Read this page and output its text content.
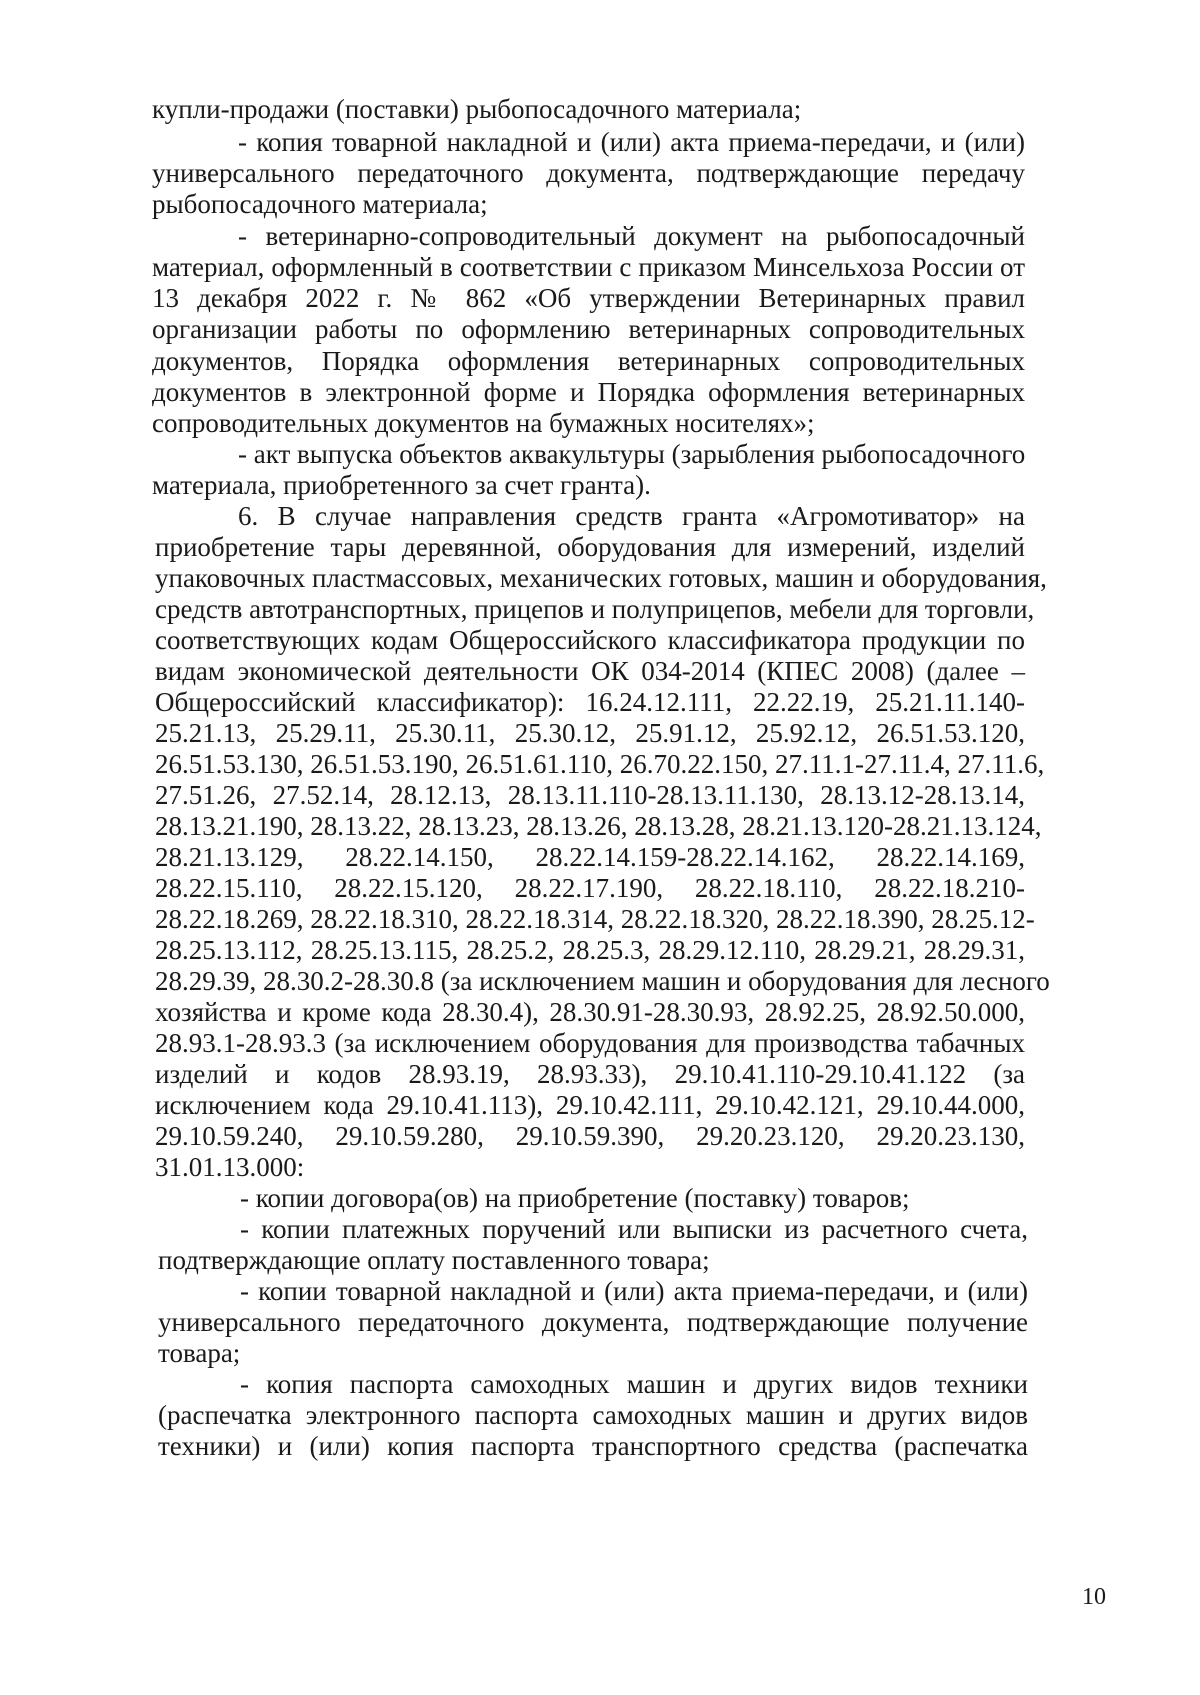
купли-продажи (поставки) рыбопосадочного материала;
- копия товарной накладной и (или) акта приема-передачи, и (или)
универсального передаточного документа, подтверждающие передачу
рыбопосадочного материала;
- ветеринарно-сопроводительный документ на рыбопосадочный
материал, оформленный в соответствии с приказом Минсельхоза России от
13 декабря 2022 г. № 862 «Об утверждении Ветеринарных правил
организации работы по оформлению ветеринарных сопроводительных
документов, Порядка оформления ветеринарных сопроводительных
документов в электронной форме и Порядка оформления ветеринарных
сопроводительных документов на бумажных носителях»;
- акт выпуска объектов аквакультуры (зарыбления рыбопосадочного
материала, приобретенного за счет гранта).
6. В случае направления средств гранта «Агромотиватор» на
приобретение тары деревянной, оборудования для измерений, изделий
упаковочных пластмассовых, механических готовых, машин и оборудования,
средств автотранспортных, прицепов и полуприцепов, мебели для торговли,
соответствующих кодам Общероссийского классификатора продукции по
видам экономической деятельности ОК 034-2014 (КПЕС 2008) (далее –
Общероссийский классификатор): 16.24.12.111, 22.22.19, 25.21.11.140-
25.21.13, 25.29.11, 25.30.11, 25.30.12, 25.91.12, 25.92.12, 26.51.53.120,
26.51.53.130, 26.51.53.190, 26.51.61.110, 26.70.22.150, 27.11.1-27.11.4, 27.11.6,
27.51.26, 27.52.14, 28.12.13, 28.13.11.110-28.13.11.130, 28.13.12-28.13.14,
28.13.21.190, 28.13.22, 28.13.23, 28.13.26, 28.13.28, 28.21.13.120-28.21.13.124,
28.21.13.129, 28.22.14.150, 28.22.14.159-28.22.14.162, 28.22.14.169,
28.22.15.110, 28.22.15.120, 28.22.17.190, 28.22.18.110, 28.22.18.210-
28.22.18.269, 28.22.18.310, 28.22.18.314, 28.22.18.320, 28.22.18.390, 28.25.12-
28.25.13.112, 28.25.13.115, 28.25.2, 28.25.3, 28.29.12.110, 28.29.21, 28.29.31,
28.29.39, 28.30.2-28.30.8 (за исключением машин и оборудования для лесного
хозяйства и кроме кода 28.30.4), 28.30.91-28.30.93, 28.92.25, 28.92.50.000,
28.93.1-28.93.3 (за исключением оборудования для производства табачных
изделий и кодов 28.93.19, 28.93.33), 29.10.41.110-29.10.41.122 (за
исключением кода 29.10.41.113), 29.10.42.111, 29.10.42.121, 29.10.44.000,
29.10.59.240, 29.10.59.280, 29.10.59.390, 29.20.23.120, 29.20.23.130,
31.01.13.000:
- копии договора(ов) на приобретение (поставку) товаров;
- копии платежных поручений или выписки из расчетного счета,
подтверждающие оплату поставленного товара;
- копии товарной накладной и (или) акта приема-передачи, и (или)
универсального передаточного документа, подтверждающие получение
товара;
- копия паспорта самоходных машин и других видов техники
(распечатка электронного паспорта самоходных машин и других видов
техники) и (или) копия паспорта транспортного средства (распечатка
10
